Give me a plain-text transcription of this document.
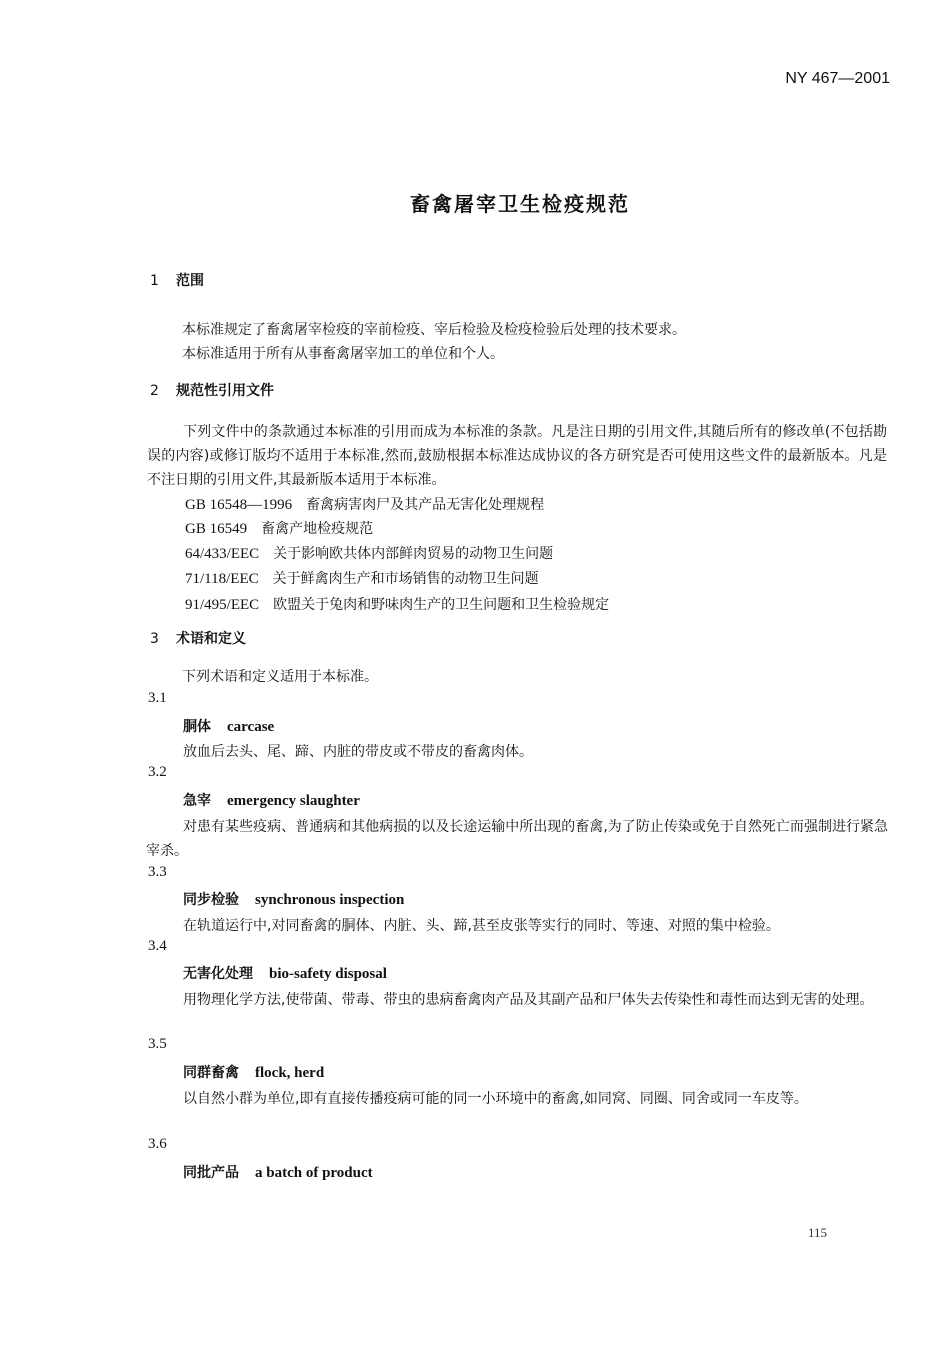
NY 467—2001
畜禽屠宰卫生检疫规范
1 范围
本标准规定了畜禽屠宰检疫的宰前检疫、宰后检验及检疫检验后处理的技术要求。
本标准适用于所有从事畜禽屠宰加工的单位和个人。
2 规范性引用文件
下列文件中的条款通过本标准的引用而成为本标准的条款。凡是注日期的引用文件,其随后所有的修改单(不包括勘误的内容)或修订版均不适用于本标准,然而,鼓励根据本标准达成协议的各方研究是否可使用这些文件的最新版本。凡是不注日期的引用文件,其最新版本适用于本标准。
GB 16548—1996 畜禽病害肉尸及其产品无害化处理规程
GB 16549 畜禽产地检疫规范
64/433/EEC 关于影响欧共体内部鲜肉贸易的动物卫生问题
71/118/EEC 关于鲜禽肉生产和市场销售的动物卫生问题
91/495/EEC 欧盟关于兔肉和野味肉生产的卫生问题和卫生检验规定
3 术语和定义
下列术语和定义适用于本标准。
3.1
胴体 carcase
放血后去头、尾、蹄、内脏的带皮或不带皮的畜禽肉体。
3.2
急宰 emergency slaughter
对患有某些疫病、普通病和其他病损的以及长途运输中所出现的畜禽,为了防止传染或免于自然死亡而强制进行紧急宰杀。
3.3
同步检验 synchronous inspection
在轨道运行中,对同畜禽的胴体、内脏、头、蹄,甚至皮张等实行的同时、等速、对照的集中检验。
3.4
无害化处理 bio-safety disposal
用物理化学方法,使带菌、带毒、带虫的患病畜禽肉产品及其副产品和尸体失去传染性和毒性而达到无害的处理。
3.5
同群畜禽 flock, herd
以自然小群为单位,即有直接传播疫病可能的同一小环境中的畜禽,如同窝、同圈、同舍或同一车皮等。
3.6
同批产品 a batch of product
115
